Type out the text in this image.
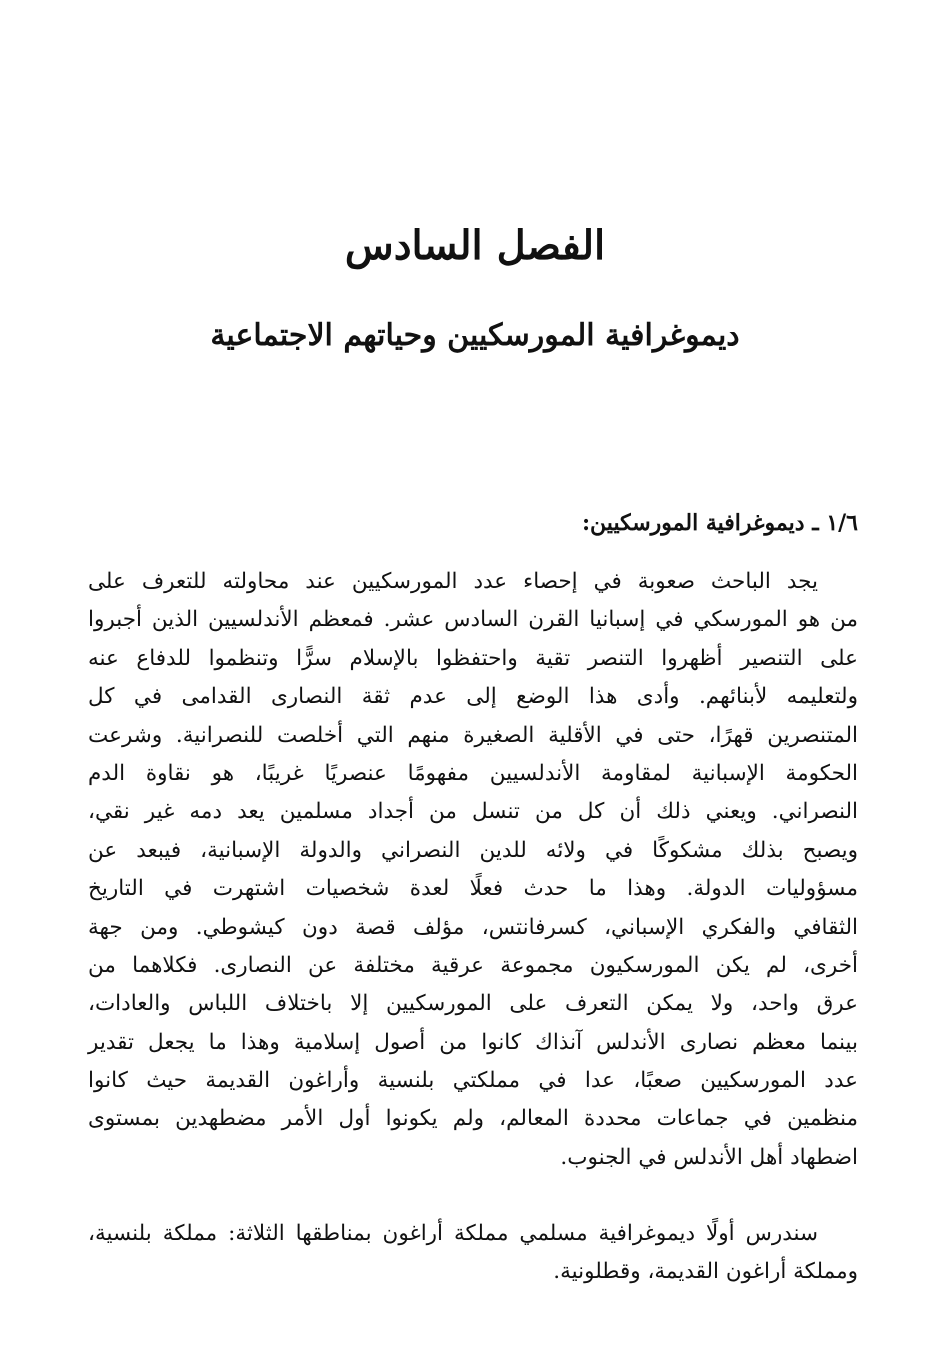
الفصل السادس
ديموغرافية المورسكيين وحياتهم الاجتماعية
١/٦ ـ ديموغرافية المورسكيين:
يجد الباحث صعوبة في إحصاء عدد المورسكيين عند محاولته للتعرف على
من هو المورسكي في إسبانيا القرن السادس عشر. فمعظم الأندلسيين الذين أجبروا
على التنصير أظهروا التنصر تقية واحتفظوا بالإسلام سرًّا وتنظموا للدفاع عنه
ولتعليمه لأبنائهم. وأدى هذا الوضع إلى عدم ثقة النصارى القدامى في كل
المتنصرين قهرًا، حتى في الأقلية الصغيرة منهم التي أخلصت للنصرانية. وشرعت
الحكومة الإسبانية لمقاومة الأندلسيين مفهومًا عنصريًا غريبًا، هو نقاوة الدم
النصراني. ويعني ذلك أن كل من تنسل من أجداد مسلمين يعد دمه غير نقي،
ويصبح بذلك مشكوكًا في ولائه للدين النصراني والدولة الإسبانية، فيبعد عن
مسؤوليات الدولة. وهذا ما حدث فعلًا لعدة شخصيات اشتهرت في التاريخ
الثقافي والفكري الإسباني، كسرفانتس، مؤلف قصة دون كيشوطي. ومن جهة
أخرى، لم يكن المورسكيون مجموعة عرقية مختلفة عن النصارى. فكلاهما من
عرق واحد، ولا يمكن التعرف على المورسكيين إلا باختلاف اللباس والعادات،
بينما معظم نصارى الأندلس آنذاك كانوا من أصول إسلامية وهذا ما يجعل تقدير
عدد المورسكيين صعبًا، عدا في مملكتي بلنسية وأراغون القديمة حيث كانوا
منظمين في جماعات محددة المعالم، ولم يكونوا أول الأمر مضطهدين بمستوى
اضطهاد أهل الأندلس في الجنوب.
سندرس أولًا ديموغرافية مسلمي مملكة أراغون بمناطقها الثلاثة: مملكة بلنسية،
ومملكة أراغون القديمة، وقطلونية.
